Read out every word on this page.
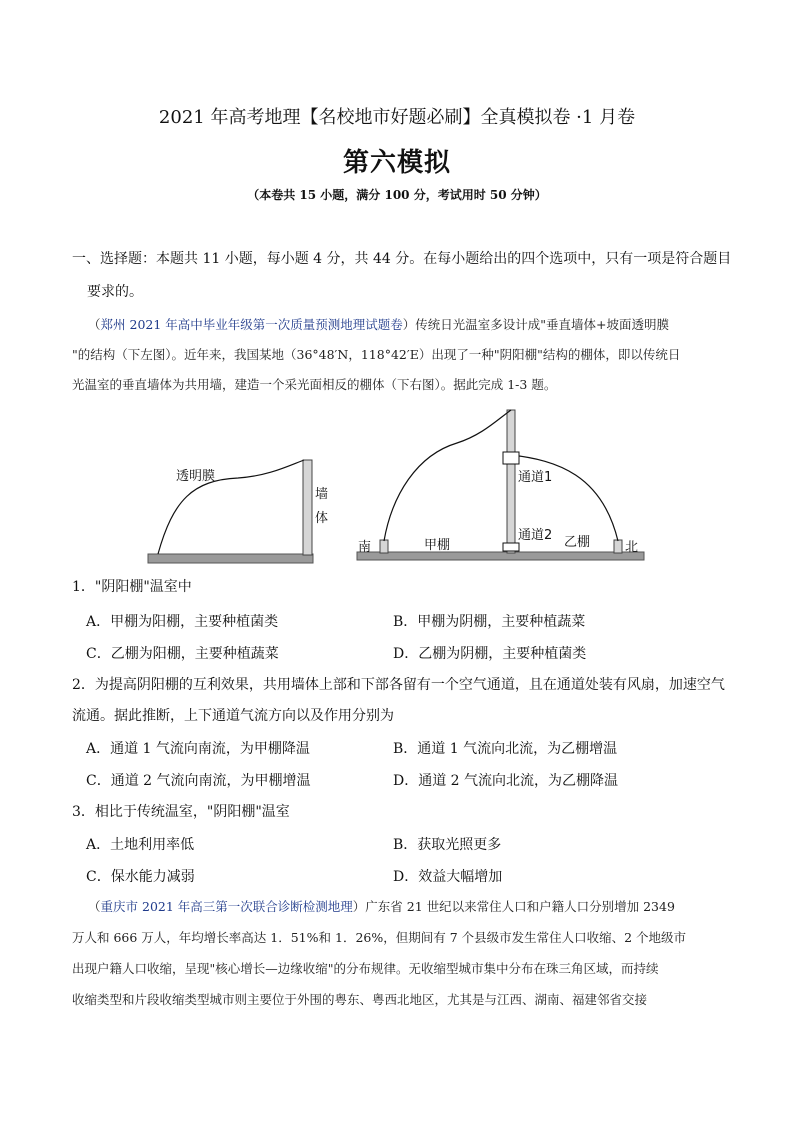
2021 年高考地理【名校地市好题必刷】全真模拟卷 ·1 月卷
第六模拟
（本卷共 15 小题，满分 100 分，考试用时 50 分钟）
一、选择题：本题共 11 小题，每小题 4 分，共 44 分。在每小题给出的四个选项中，只有一项是符合题目
要求的。
（郑州 2021 年高中毕业年级第一次质量预测地理试题卷）传统日光温室多设计成"垂直墙体+坡面透明膜
"的结构（下左图）。近年来，我国某地（36°48′N，118°42′E）出现了一种"阴阳棚"结构的棚体，即以传统日
光温室的垂直墙体为共用墙，建造一个采光面相反的棚体（下右图）。据此完成 1-3 题。
透明膜
墙
体
南	甲棚
通道1
通道2 乙棚	北
1．"阴阳棚"温室中
A．甲棚为阳棚，主要种植菌类	B．甲棚为阴棚，主要种植蔬菜
C．乙棚为阳棚，主要种植蔬菜	D．乙棚为阴棚，主要种植菌类
2．为提高阴阳棚的互利效果，共用墙体上部和下部各留有一个空气通道，且在通道处装有风扇，加速空气
流通。据此推断，上下通道气流方向以及作用分别为
A．通道 1 气流向南流，为甲棚降温	B．通道 1 气流向北流，为乙棚增温
C．通道 2 气流向南流，为甲棚增温	D．通道 2 气流向北流，为乙棚降温
3．相比于传统温室，"阴阳棚"温室
A．土地利用率低	B．获取光照更多
C．保水能力减弱	D．效益大幅增加
（重庆市 2021 年高三第一次联合诊断检测地理）广东省 21 世纪以来常住人口和户籍人口分别增加 2349
万人和 666 万人，年均增长率高达 1．51%和 1．26%，但期间有 7 个县级市发生常住人口收缩、2 个地级市
出现户籍人口收缩，呈现"核心增长—边缘收缩"的分布规律。无收缩型城市集中分布在珠三角区域，而持续
收缩类型和片段收缩类型城市则主要位于外围的粤东、粤西北地区，尤其是与江西、湖南、福建邻省交接
